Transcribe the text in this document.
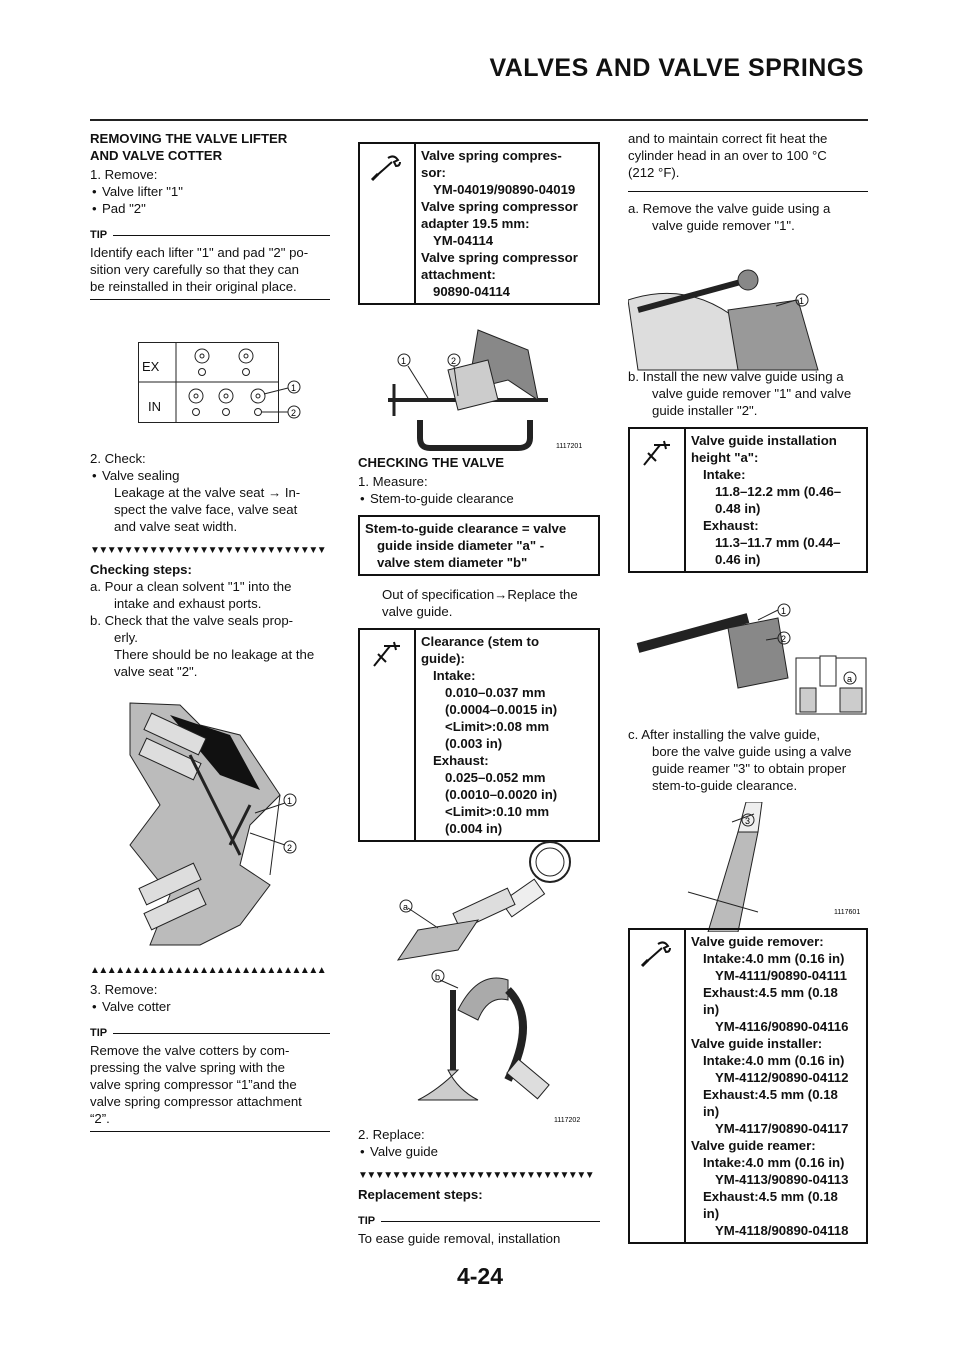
VALVES AND VALVE SPRINGS
REMOVING THE VALVE LIFTER
AND VALVE COTTER
1. Remove:
• Valve lifter "1"
• Pad "2"
TIP
Identify each lifter "1" and pad "2" po-
sition very carefully so that they can
be reinstalled in their original place.
1
2
EX
IN
2. Check:
• Valve sealing
Leakage at the valve seat → In-
spect the valve face, valve seat
and valve seat width.
▼▼▼▼▼▼▼▼▼▼▼▼▼▼▼▼▼▼▼▼▼▼▼▼▼▼▼▼
Checking steps:
a. Pour a clean solvent "1" into the
intake and exhaust ports.
b. Check that the valve seals prop-
erly.
There should be no leakage at the
valve seat "2".
1
2
▲▲▲▲▲▲▲▲▲▲▲▲▲▲▲▲▲▲▲▲▲▲▲▲▲▲▲▲
3. Remove:
• Valve cotter
TIP
Remove the valve cotters by com-
pressing the valve spring with the
valve spring compressor “1”and the
valve spring compressor attachment
“2”.
Valve spring compres-
sor:
YM-04019/90890-04019
Valve spring compressor
adapter 19.5 mm:
YM-04114
Valve spring compressor
attachment:
90890-04114
1	2
1117201
CHECKING THE VALVE
1. Measure:
• Stem-to-guide clearance
Stem-to-guide clearance = valve
guide inside diameter "a" -
valve stem diameter "b"
Out of specification→Replace the
valve guide.
Clearance (stem to
guide):
Intake:
0.010–0.037 mm
(0.0004–0.0015 in)
<Limit>:0.08 mm
(0.003 in)
Exhaust:
0.025–0.052 mm
(0.0010–0.0020 in)
<Limit>:0.10 mm
(0.004 in)
a
b
1117202
2. Replace:
• Valve guide
▼▼▼▼▼▼▼▼▼▼▼▼▼▼▼▼▼▼▼▼▼▼▼▼▼▼▼▼
Replacement steps:
TIP
To ease guide removal, installation
and to maintain correct fit heat the
cylinder head in an over to 100 °C
(212 °F).
a. Remove the valve guide using a
valve guide remover "1".
1
b. Install the new valve guide using a
valve guide remover "1" and valve
guide installer "2".
Valve guide installation
height "a":
Intake:
11.8–12.2 mm (0.46–
0.48 in)
Exhaust:
11.3–11.7 mm (0.44–
0.46 in)
1
2
a
c. After installing the valve guide,
bore the valve guide using a valve
guide reamer "3" to obtain proper
stem-to-guide clearance.
3
1117601
Valve guide remover:
Intake:4.0 mm (0.16 in)
YM-4111/90890-04111
Exhaust:4.5 mm (0.18
in)
YM-4116/90890-04116
Valve guide installer:
Intake:4.0 mm (0.16 in)
YM-4112/90890-04112
Exhaust:4.5 mm (0.18
in)
YM-4117/90890-04117
Valve guide reamer:
Intake:4.0 mm (0.16 in)
YM-4113/90890-04113
Exhaust:4.5 mm (0.18
in)
YM-4118/90890-04118
4-24
